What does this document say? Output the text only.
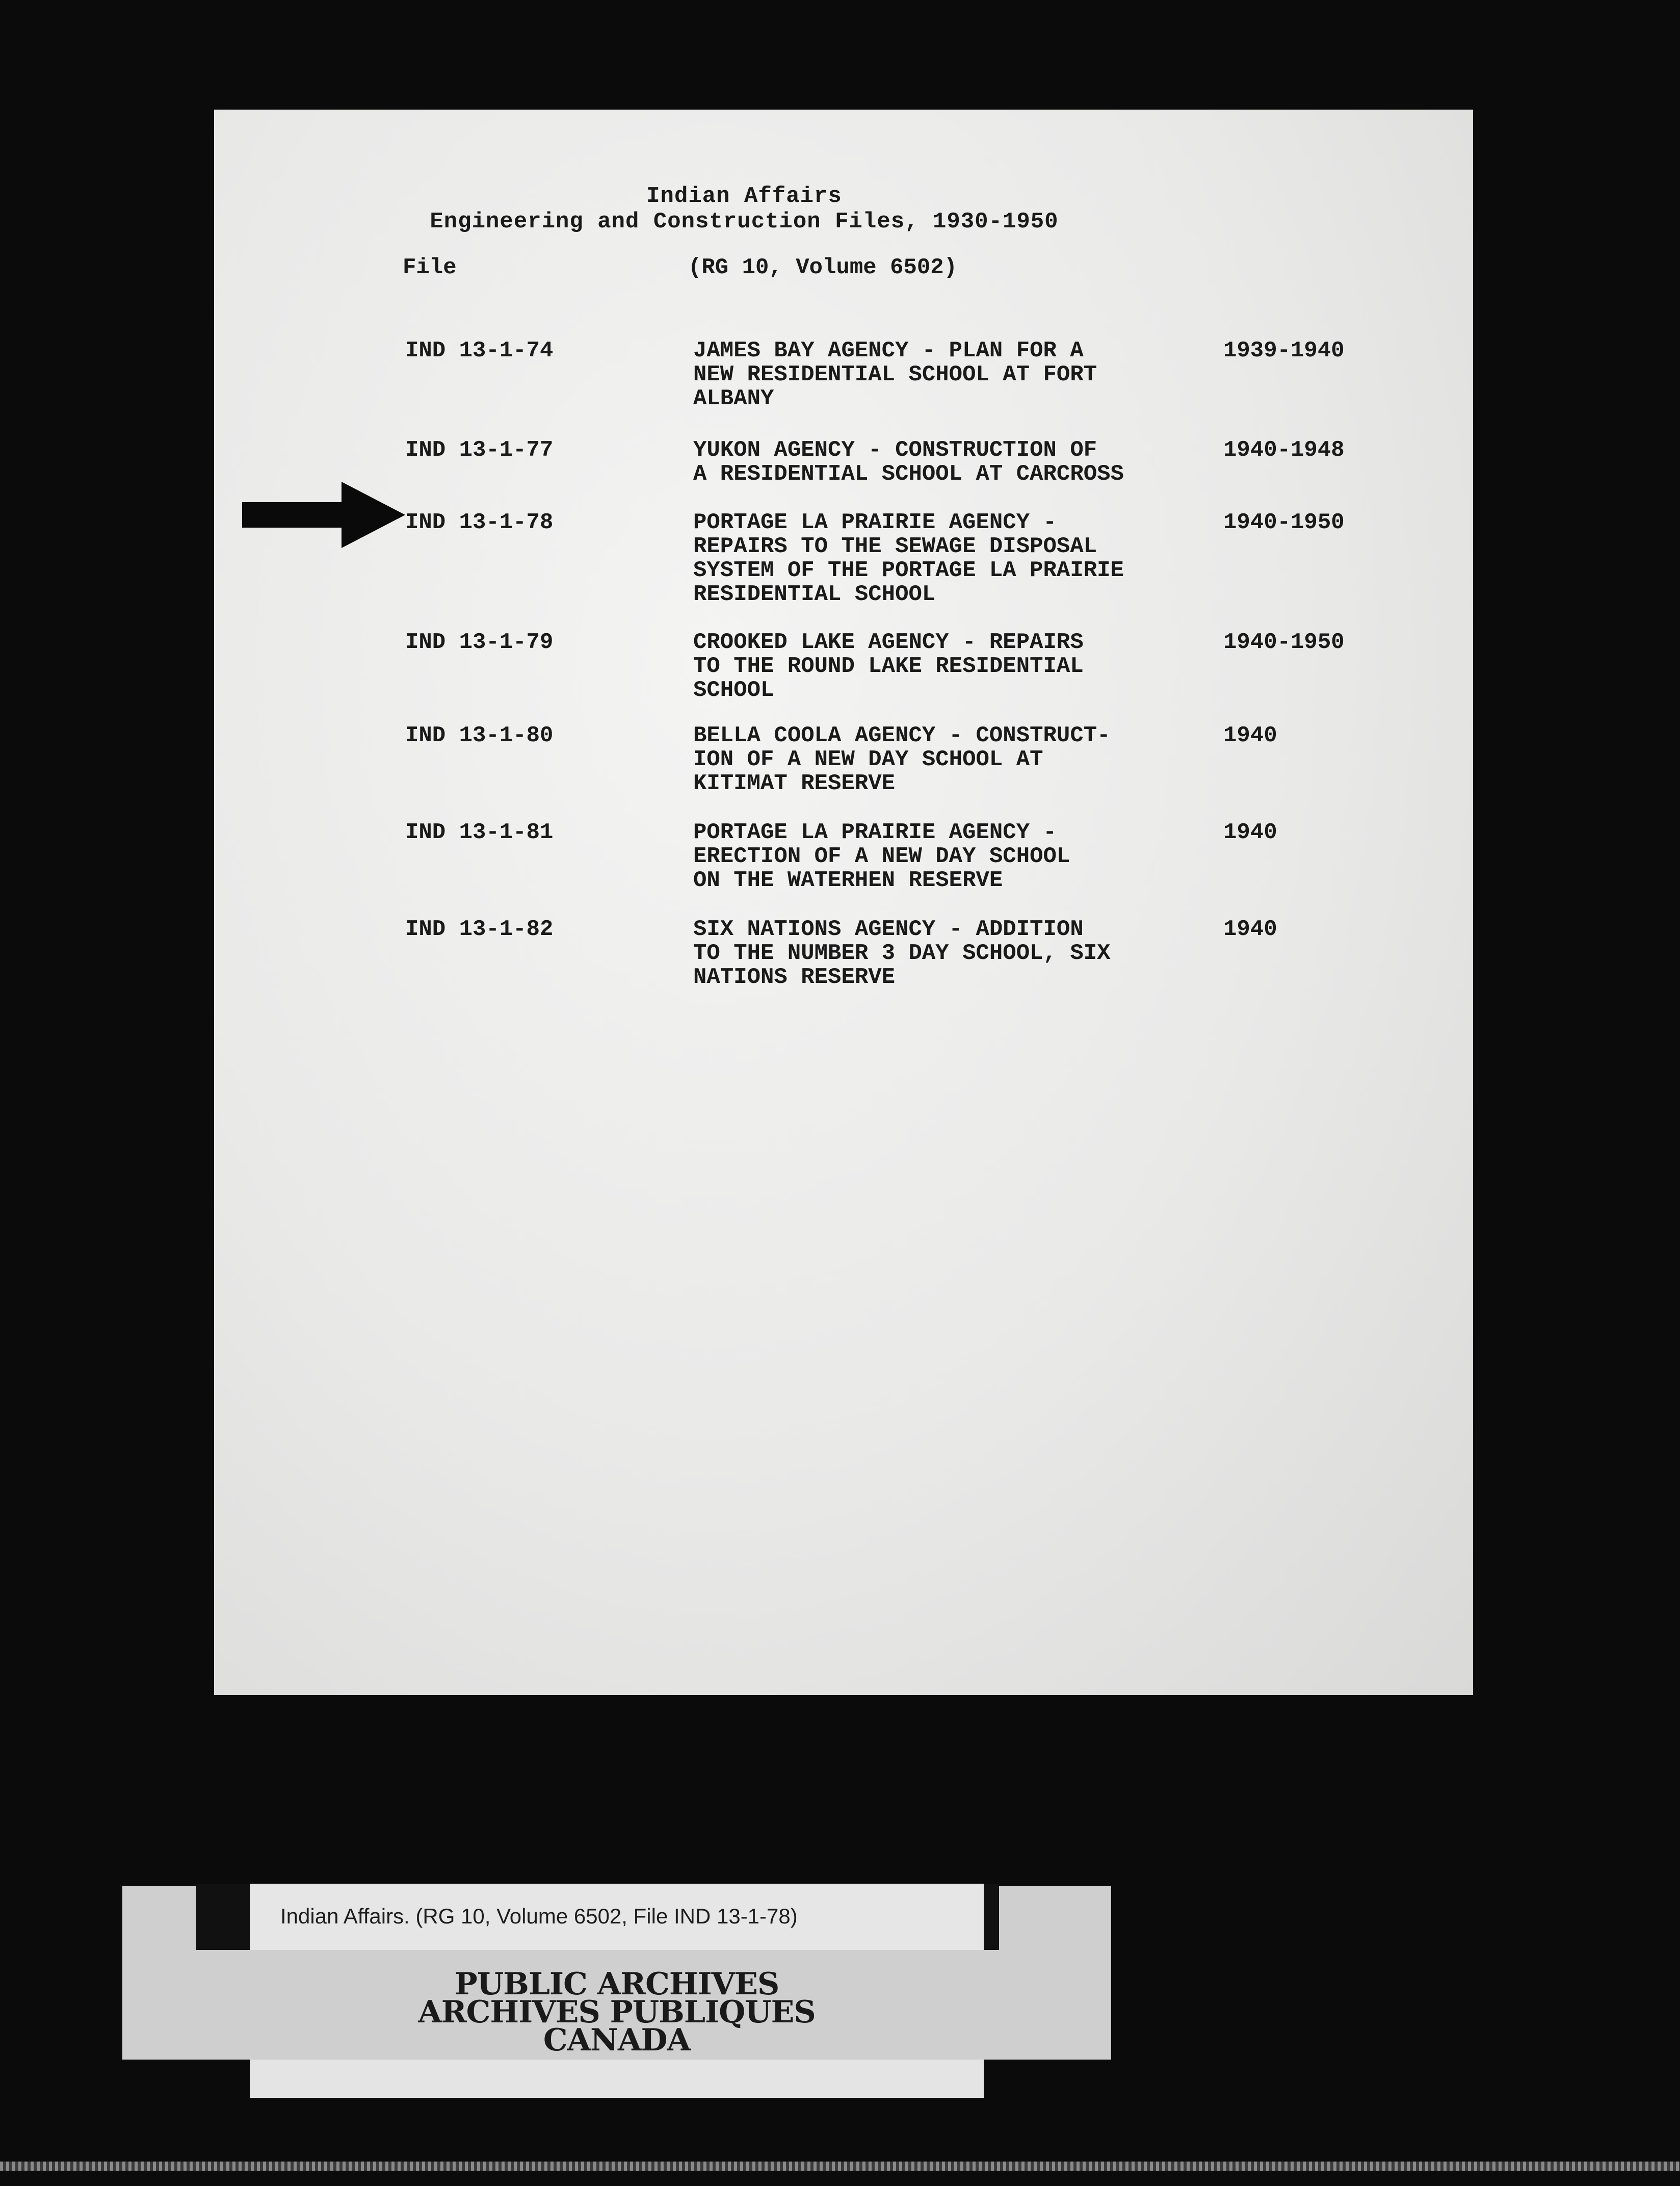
Indian Affairs
Engineering and Construction Files, 1930-1950
File	(RG 10, Volume 6502)
IND 13-1-74	JAMES BAY AGENCY - PLAN FOR A
NEW RESIDENTIAL SCHOOL AT FORT
ALBANY
1939-1940
IND 13-1-77	YUKON AGENCY - CONSTRUCTION OF
A RESIDENTIAL SCHOOL AT CARCROSS
1940-1948
IND 13-1-78	PORTAGE LA PRAIRIE AGENCY -
REPAIRS TO THE SEWAGE DISPOSAL
SYSTEM OF THE PORTAGE LA PRAIRIE
RESIDENTIAL SCHOOL
1940-1950
IND 13-1-79	CROOKED LAKE AGENCY - REPAIRS
TO THE ROUND LAKE RESIDENTIAL
SCHOOL
1940-1950
IND 13-1-80	BELLA COOLA AGENCY - CONSTRUCT-
ION OF A NEW DAY SCHOOL AT
KITIMAT RESERVE
1940
IND 13-1-81	PORTAGE LA PRAIRIE AGENCY -
ERECTION OF A NEW DAY SCHOOL
ON THE WATERHEN RESERVE
1940
IND 13-1-82	SIX NATIONS AGENCY - ADDITION
TO THE NUMBER 3 DAY SCHOOL, SIX
NATIONS RESERVE
1940
Indian Affairs. (RG 10, Volume 6502, File IND 13-1-78)
PUBLIC ARCHIVES
ARCHIVES PUBLIQUES
CANADA
